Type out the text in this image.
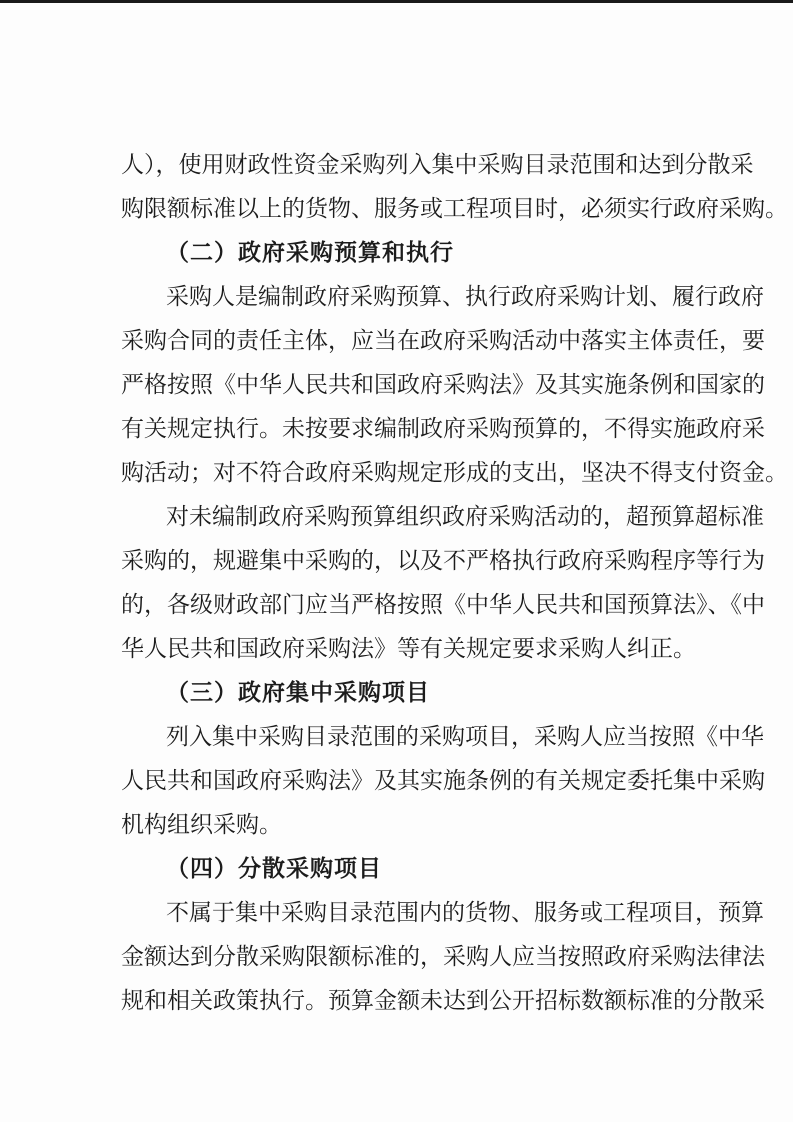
人），使用财政性资金采购列入集中采购目录范围和达到分散采
购限额标准以上的货物、服务或工程项目时，必须实行政府采购。
（二）政府采购预算和执行
采购人是编制政府采购预算、执行政府采购计划、履行政府
采购合同的责任主体，应当在政府采购活动中落实主体责任，要
严格按照《中华人民共和国政府采购法》及其实施条例和国家的
有关规定执行。未按要求编制政府采购预算的，不得实施政府采
购活动；对不符合政府采购规定形成的支出，坚决不得支付资金。
对未编制政府采购预算组织政府采购活动的，超预算超标准
采购的，规避集中采购的，以及不严格执行政府采购程序等行为
的，各级财政部门应当严格按照《中华人民共和国预算法》、《中
华人民共和国政府采购法》等有关规定要求采购人纠正。
（三）政府集中采购项目
列入集中采购目录范围的采购项目，采购人应当按照《中华
人民共和国政府采购法》及其实施条例的有关规定委托集中采购
机构组织采购。
（四）分散采购项目
不属于集中采购目录范围内的货物、服务或工程项目，预算
金额达到分散采购限额标准的，采购人应当按照政府采购法律法
规和相关政策执行。预算金额未达到公开招标数额标准的分散采
